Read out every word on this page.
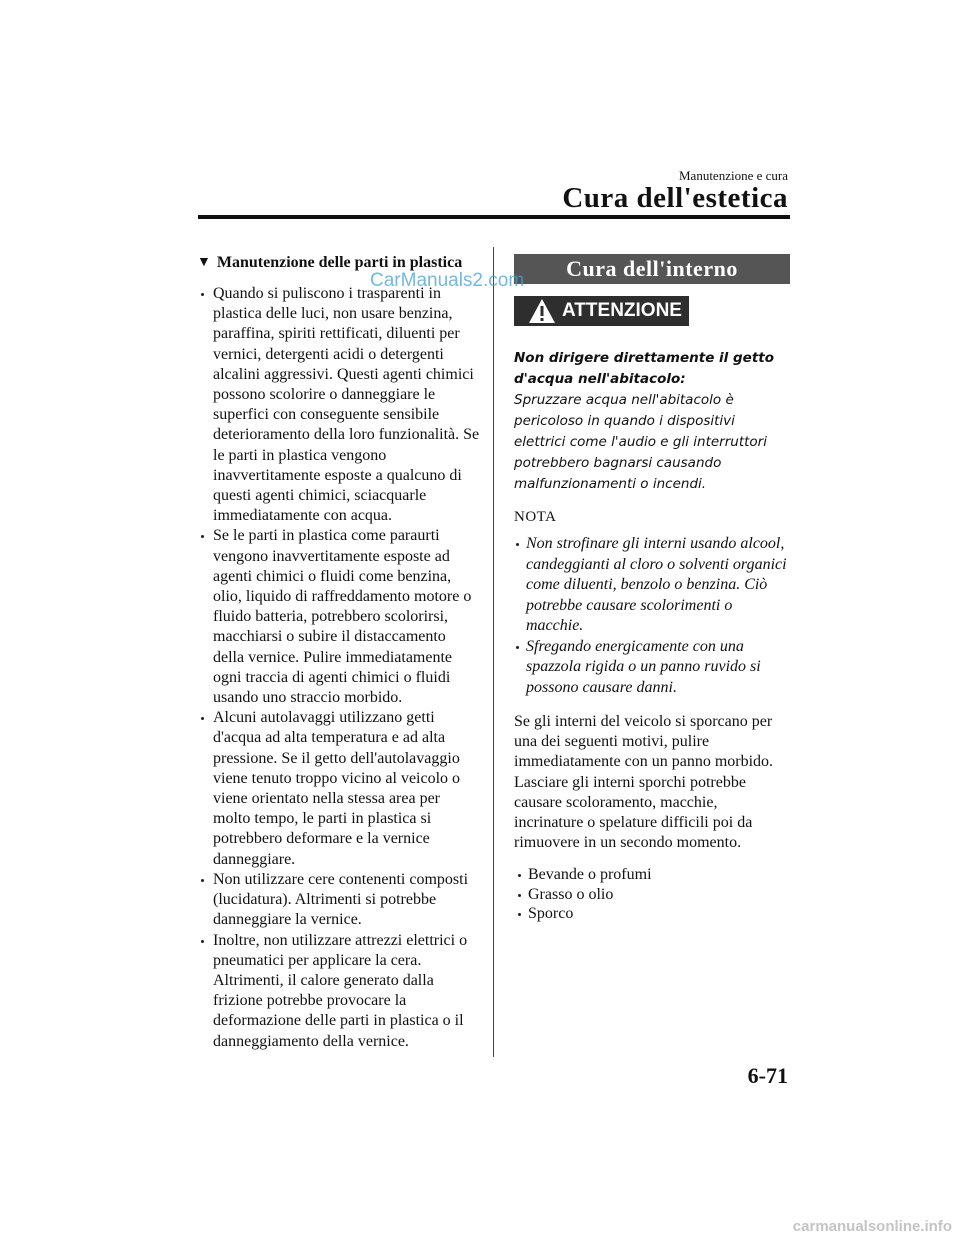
Manutenzione e cura
Cura dell'estetica
▼ Manutenzione delle parti in plastica
Quando si puliscono i trasparenti in plastica delle luci, non usare benzina, paraffina, spiriti rettificati, diluenti per vernici, detergenti acidi o detergenti alcalini aggressivi. Questi agenti chimici possono scolorire o danneggiare le superfici con conseguente sensibile deterioramento della loro funzionalità. Se le parti in plastica vengono inavvertitamente esposte a qualcuno di questi agenti chimici, sciacquarle immediatamente con acqua.
Se le parti in plastica come paraurti vengono inavvertitamente esposte ad agenti chimici o fluidi come benzina, olio, liquido di raffreddamento motore o fluido batteria, potrebbero scolorirsi, macchiarsi o subire il distaccamento della vernice. Pulire immediatamente ogni traccia di agenti chimici o fluidi usando uno straccio morbido.
Alcuni autolavaggi utilizzano getti d'acqua ad alta temperatura e ad alta pressione. Se il getto dell'autolavaggio viene tenuto troppo vicino al veicolo o viene orientato nella stessa area per molto tempo, le parti in plastica si potrebbero deformare e la vernice danneggiare.
Non utilizzare cere contenenti composti (lucidatura). Altrimenti si potrebbe danneggiare la vernice.
Inoltre, non utilizzare attrezzi elettrici o pneumatici per applicare la cera. Altrimenti, il calore generato dalla frizione potrebbe provocare la deformazione delle parti in plastica o il danneggiamento della vernice.
Cura dell'interno
ATTENZIONE
Non dirigere direttamente il getto d'acqua nell'abitacolo:
Spruzzare acqua nell'abitacolo è pericoloso in quando i dispositivi elettrici come l'audio e gli interruttori potrebbero bagnarsi causando malfunzionamenti o incendi.
NOTA
Non strofinare gli interni usando alcool, candeggianti al cloro o solventi organici come diluenti, benzolo o benzina. Ciò potrebbe causare scolorimenti o macchie.
Sfregando energicamente con una spazzola rigida o un panno ruvido si possono causare danni.
Se gli interni del veicolo si sporcano per una dei seguenti motivi, pulire immediatamente con un panno morbido. Lasciare gli interni sporchi potrebbe causare scoloramento, macchie, incrinature o spelature difficili poi da rimuovere in un secondo momento.
Bevande o profumi
Grasso o olio
Sporco
CarManuals2.com
6-71
carmanualsonline.info
